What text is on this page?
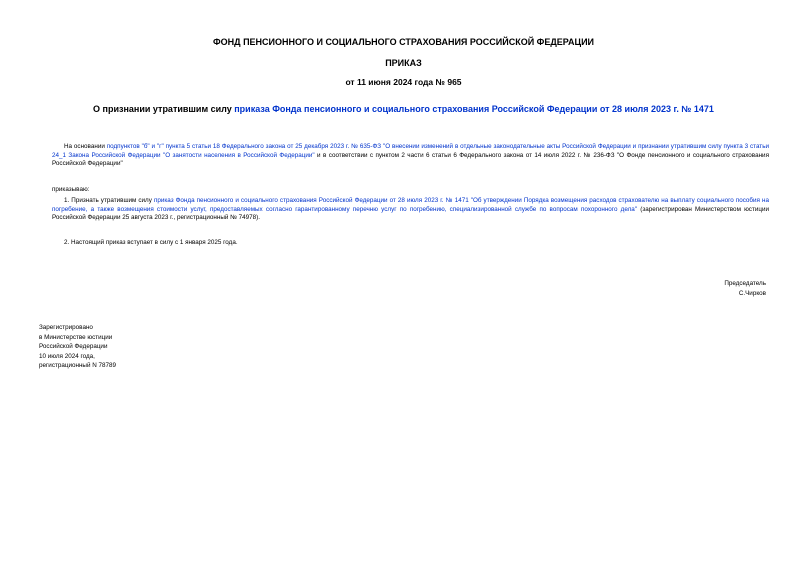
ФОНД ПЕНСИОННОГО И СОЦИАЛЬНОГО СТРАХОВАНИЯ РОССИЙСКОЙ ФЕДЕРАЦИИ
ПРИКАЗ
от 11 июня 2024 года № 965
О признании утратившим силу приказа Фонда пенсионного и социального страхования Российской Федерации от 28 июля 2023 г. № 1471
На основании подпунктов "б" и "г" пункта 5 статьи 18 Федерального закона от 25 декабря 2023 г. № 635-ФЗ "О внесении изменений в отдельные законодательные акты Российской Федерации и признании утратившим силу пункта 3 статьи 24_1 Закона Российской Федерации "О занятости населения в Российской Федерации" и в соответствии с пунктом 2 части 6 статьи 6 Федерального закона от 14 июля 2022 г. № 236-ФЗ "О Фонде пенсионного и социального страхования Российской Федерации"
приказываю:
1. Признать утратившим силу приказ Фонда пенсионного и социального страхования Российской Федерации от 28 июля 2023 г. № 1471 "Об утверждении Порядка возмещения расходов страхователю на выплату социального пособия на погребение, а также возмещения стоимости услуг, предоставляемых согласно гарантированному перечню услуг по погребению, специализированной службе по вопросам похоронного дела" (зарегистрирован Министерством юстиции Российской Федерации 25 августа 2023 г., регистрационный № 74978).
2. Настоящий приказ вступает в силу с 1 января 2025 года.
Председатель
С.Чирков
Зарегистрировано
в Министерстве юстиции
Российской Федерации
10 июля 2024 года,
регистрационный N 78789
